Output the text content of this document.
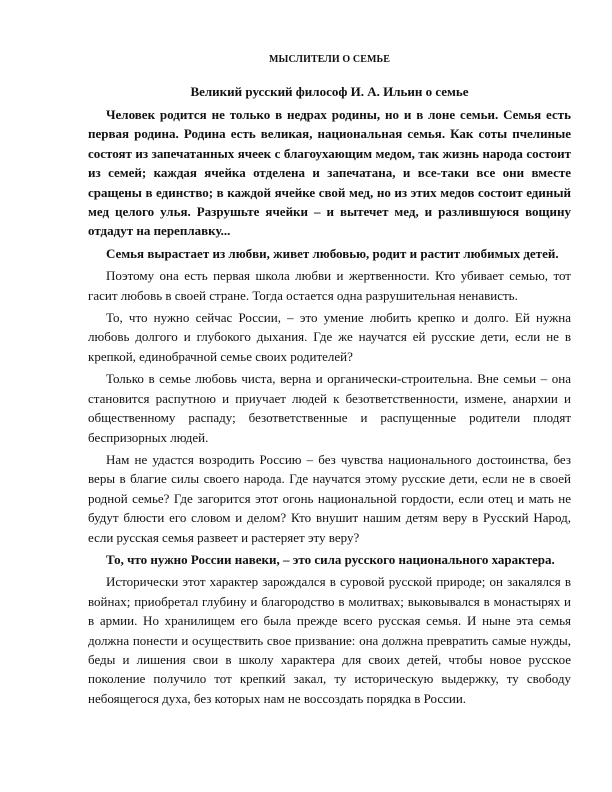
МЫСЛИТЕЛИ О СЕМЬЕ
Великий русский философ И. А. Ильин о семье

Человек родится не только в недрах родины, но и в лоне семьи. Семья есть первая родина. Родина есть великая, национальная семья. Как соты пчелиные состоят из запечатанных ячеек с благоухающим медом, так жизнь народа состоит из семей; каждая ячейка отделена и запечатана, и все-таки все они вместе сращены в единство; в каждой ячейке свой мед, но из этих медов состоит единый мед целого улья. Разрушьте ячейки – и вытечет мед, и разлившуюся вощину отдадут на переплавку...

Семья вырастает из любви, живет любовью, родит и растит любимых детей.

Поэтому она есть первая школа любви и жертвенности. Кто убивает семью, тот гасит любовь в своей стране. Тогда остается одна разрушительная ненависть.

То, что нужно сейчас России, – это умение любить крепко и долго. Ей нужна любовь долгого и глубокого дыхания. Где же научатся ей русские дети, если не в крепкой, единобрачной семье своих родителей?

Только в семье любовь чиста, верна и органически-строительна. Вне семьи – она становится распутною и приучает людей к безответственности, измене, анархии и общественному распаду; безответственные и распущенные родители плодят беспризорных людей.

Нам не удастся возродить Россию – без чувства национального достоинства, без веры в благие силы своего народа. Где научатся этому русские дети, если не в своей родной семье? Где загорится этот огонь национальной гордости, если отец и мать не будут блюсти его словом и делом? Кто внушит нашим детям веру в Русский Народ, если русская семья развеет и растеряет эту веру?

То, что нужно России навеки, – это сила русского национального характера.

Исторически этот характер зарождался в суровой русской природе; он закалялся в войнах; приобретал глубину и благородство в молитвах; выковывался в монастырях и в армии. Но хранилищем его была прежде всего русская семья. И ныне эта семья должна понести и осуществить свое призвание: она должна превратить самые нужды, беды и лишения свои в школу характера для своих детей, чтобы новое русское поколение получило тот крепкий закал, ту историческую выдержку, ту свободу небоящегося духа, без которых нам не воссоздать порядка в России.
